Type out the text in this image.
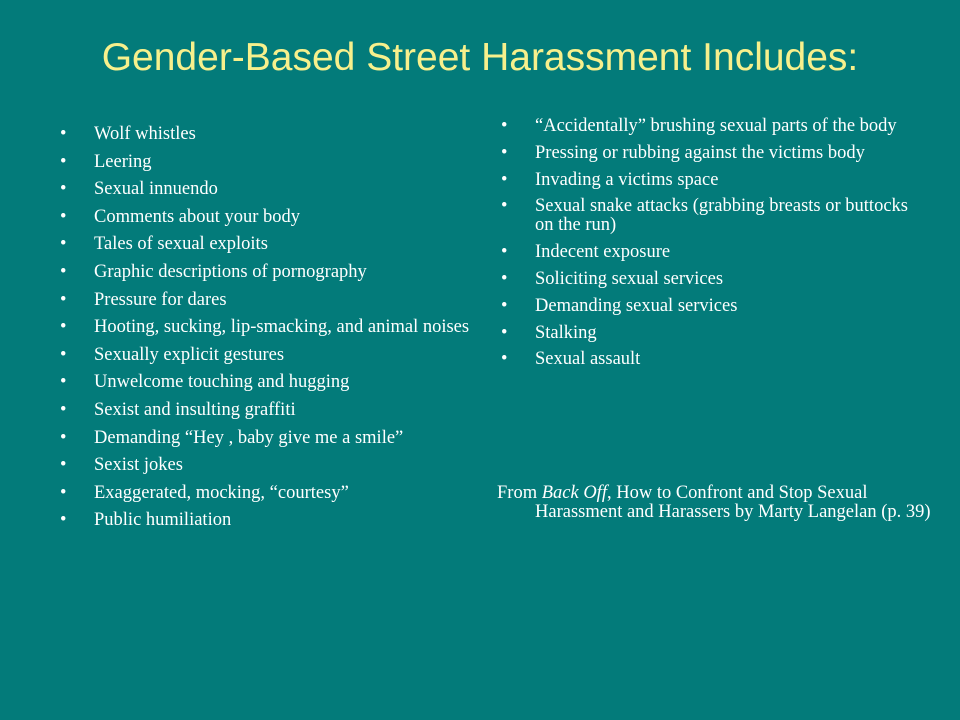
Gender-Based Street Harassment Includes:
• Wolf whistles
• Leering
• Sexual innuendo
• Comments about your body
• Tales of sexual exploits
• Graphic descriptions of pornography
• Pressure for dares
• Hooting, sucking, lip-smacking, and animal noises
• Sexually explicit gestures
• Unwelcome touching and hugging
• Sexist and insulting graffiti
• Demanding “Hey , baby give me a smile”
• Sexist jokes
• Exaggerated, mocking, “courtesy”
• Public humiliation
• “Accidentally” brushing sexual parts of the body
• Pressing or rubbing against the victims body
• Invading a victims space
• Sexual snake attacks (grabbing breasts or buttocks on the run)
• Indecent exposure
• Soliciting sexual services
• Demanding sexual services
• Stalking
• Sexual assault
From Back Off, How to Confront and Stop Sexual Harassment and Harassers by Marty Langelan (p. 39)
